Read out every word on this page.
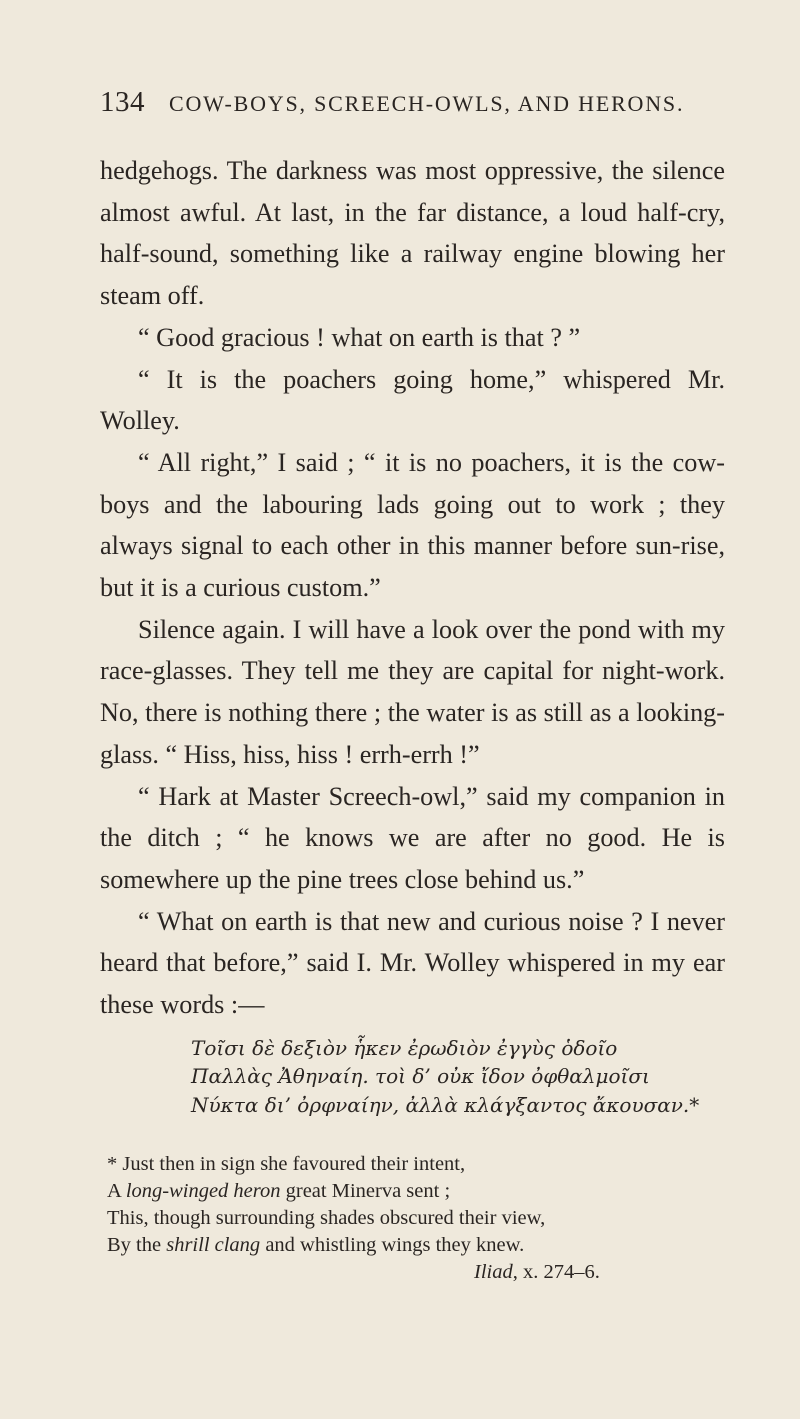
134 COW-BOYS, SCREECH-OWLS, AND HERONS.

hedgehogs. The darkness was most oppressive, the silence almost awful. At last, in the far distance, a loud half-cry, half-sound, something like a railway engine blowing her steam off.

“ Good gracious ! what on earth is that ? ”

“ It is the poachers going home,” whispered Mr. Wolley.

“ All right,” I said ; “ it is no poachers, it is the cow-boys and the labouring lads going out to work ; they always signal to each other in this manner before sun-rise, but it is a curious custom.”

Silence again. I will have a look over the pond with my race-glasses. They tell me they are capital for night-work. No, there is nothing there ; the water is as still as a looking-glass. “ Hiss, hiss, hiss ! errh-errh !”

“ Hark at Master Screech-owl,” said my companion in the ditch ; “ he knows we are after no good. He is somewhere up the pine trees close behind us.”

“ What on earth is that new and curious noise ? I never heard that before,” said I. Mr. Wolley whispered in my ear these words :—

Τοῖσι δὲ δεξιὸν ἧκεν ἐρωδιὸν ἐγγὺς ὁδοῖο
Παλλὰς Ἀθηναίη. τοὶ δ’ οὐκ ἴδον ὀφθαλμοῖσι
Νύκτα δι’ ὀρφναίην, ἀλλὰ κλάγξαντος ἄκουσαν.*
* Just then in sign she favoured their intent,
A long-winged heron great Minerva sent ;
This, though surrounding shades obscured their view,
By the shrill clang and whistling wings they knew.
Iliad, x. 274–6.
